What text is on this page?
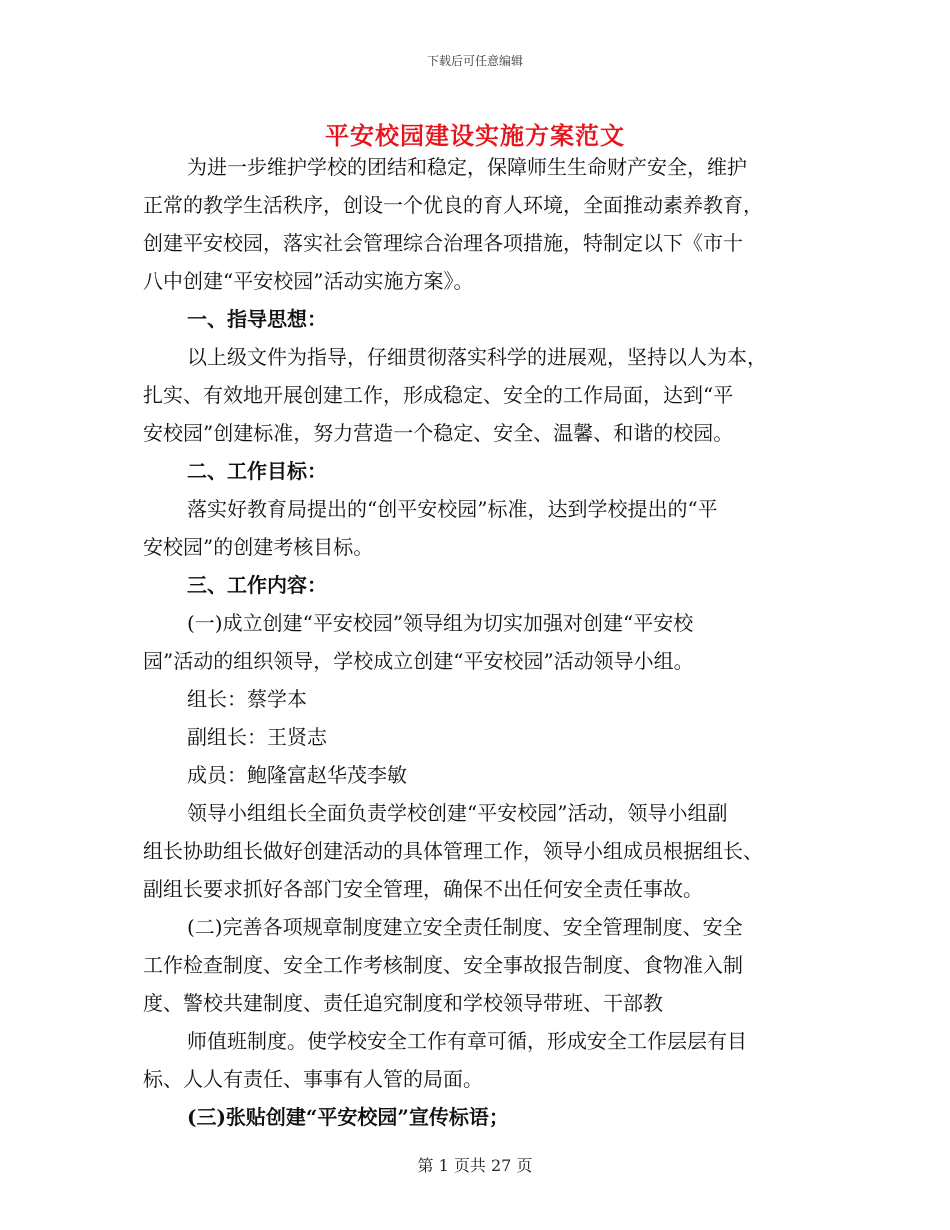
下载后可任意编辑
平安校园建设实施方案范文
为进一步维护学校的团结和稳定，保障师生生命财产安全，维护
正常的教学生活秩序，创设一个优良的育人环境，全面推动素养教育，
创建平安校园，落实社会管理综合治理各项措施，特制定以下《市十
八中创建“平安校园”活动实施方案》。
一、指导思想：
以上级文件为指导，仔细贯彻落实科学的进展观，坚持以人为本，
扎实、有效地开展创建工作，形成稳定、安全的工作局面，达到“平
安校园”创建标准，努力营造一个稳定、安全、温馨、和谐的校园。
二、工作目标：
落实好教育局提出的“创平安校园”标准，达到学校提出的“平
安校园”的创建考核目标。
三、工作内容：
(一)成立创建“平安校园”领导组为切实加强对创建“平安校
园”活动的组织领导，学校成立创建“平安校园”活动领导小组。
组长：蔡学本
副组长：王贤志
成员：鲍隆富赵华茂李敏
领导小组组长全面负责学校创建“平安校园”活动，领导小组副
组长协助组长做好创建活动的具体管理工作，领导小组成员根据组长、
副组长要求抓好各部门安全管理，确保不出任何安全责任事故。
(二)完善各项规章制度建立安全责任制度、安全管理制度、安全
工作检查制度、安全工作考核制度、安全事故报告制度、食物准入制
度、警校共建制度、责任追究制度和学校领导带班、干部教
师值班制度。使学校安全工作有章可循，形成安全工作层层有目
标、人人有责任、事事有人管的局面。
(三)张贴创建“平安校园”宣传标语；
第 1 页共 27 页
